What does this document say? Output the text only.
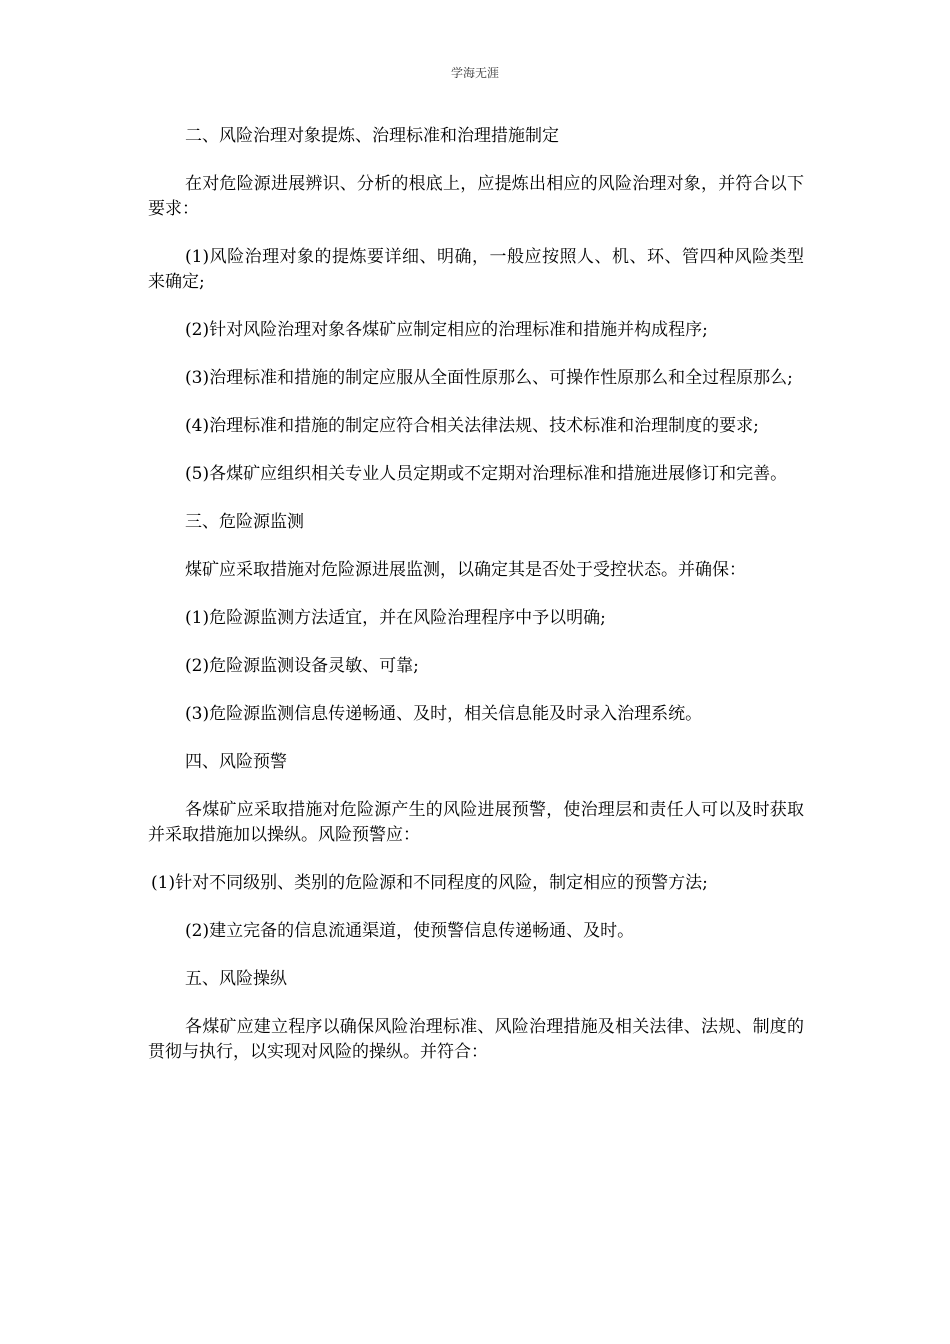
学海无涯

二、风险治理对象提炼、治理标准和治理措施制定

在对危险源进展辨识、分析的根底上，应提炼出相应的风险治理对象，并符合以下要求：

(1)风险治理对象的提炼要详细、明确，一般应按照人、机、环、管四种风险类型来确定;

(2)针对风险治理对象各煤矿应制定相应的治理标准和措施并构成程序;

(3)治理标准和措施的制定应服从全面性原那么、可操作性原那么和全过程原那么;

(4)治理标准和措施的制定应符合相关法律法规、技术标准和治理制度的要求;

(5)各煤矿应组织相关专业人员定期或不定期对治理标准和措施进展修订和完善。

三、危险源监测

煤矿应采取措施对危险源进展监测，以确定其是否处于受控状态。并确保：

(1)危险源监测方法适宜，并在风险治理程序中予以明确;

(2)危险源监测设备灵敏、可靠;

(3)危险源监测信息传递畅通、及时，相关信息能及时录入治理系统。

四、风险预警

各煤矿应采取措施对危险源产生的风险进展预警，使治理层和责任人可以及时获取并采取措施加以操纵。风险预警应：

(1)针对不同级别、类别的危险源和不同程度的风险，制定相应的预警方法;

(2)建立完备的信息流通渠道，使预警信息传递畅通、及时。

五、风险操纵

各煤矿应建立程序以确保风险治理标准、风险治理措施及相关法律、法规、制度的贯彻与执行，以实现对风险的操纵。并符合：
